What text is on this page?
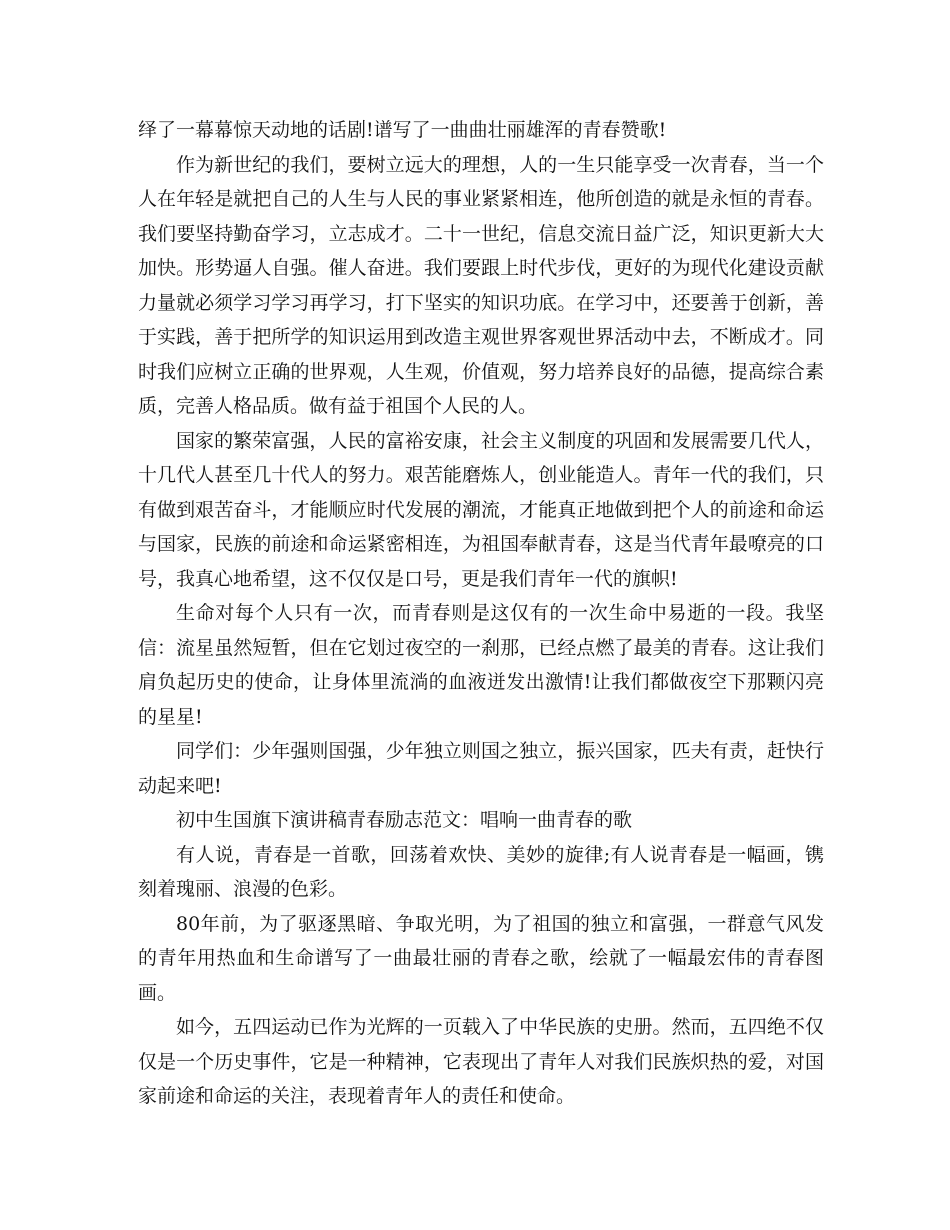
绎了一幕幕惊天动地的话剧!谱写了一曲曲壮丽雄浑的青春赞歌!

作为新世纪的我们，要树立远大的理想，人的一生只能享受一次青春，当一个人在年轻是就把自己的人生与人民的事业紧紧相连，他所创造的就是永恒的青春。我们要坚持勤奋学习，立志成才。二十一世纪，信息交流日益广泛，知识更新大大加快。形势逼人自强。催人奋进。我们要跟上时代步伐，更好的为现代化建设贡献力量就必须学习学习再学习，打下坚实的知识功底。在学习中，还要善于创新，善于实践，善于把所学的知识运用到改造主观世界客观世界活动中去，不断成才。同时我们应树立正确的世界观，人生观，价值观，努力培养良好的品德，提高综合素质，完善人格品质。做有益于祖国个人民的人。

国家的繁荣富强，人民的富裕安康，社会主义制度的巩固和发展需要几代人，十几代人甚至几十代人的努力。艰苦能磨炼人，创业能造人。青年一代的我们，只有做到艰苦奋斗，才能顺应时代发展的潮流，才能真正地做到把个人的前途和命运与国家，民族的前途和命运紧密相连，为祖国奉献青春，这是当代青年最嘹亮的口号，我真心地希望，这不仅仅是口号，更是我们青年一代的旗帜!

生命对每个人只有一次，而青春则是这仅有的一次生命中易逝的一段。我坚信：流星虽然短暂，但在它划过夜空的一刹那，已经点燃了最美的青春。这让我们肩负起历史的使命，让身体里流淌的血液迸发出激情!让我们都做夜空下那颗闪亮的星星!

同学们：少年强则国强，少年独立则国之独立，振兴国家，匹夫有责，赶快行动起来吧!

初中生国旗下演讲稿青春励志范文：唱响一曲青春的歌

有人说，青春是一首歌，回荡着欢快、美妙的旋律;有人说青春是一幅画，镌刻着瑰丽、浪漫的色彩。

80年前，为了驱逐黑暗、争取光明，为了祖国的独立和富强，一群意气风发的青年用热血和生命谱写了一曲最壮丽的青春之歌，绘就了一幅最宏伟的青春图画。

如今，五四运动已作为光辉的一页载入了中华民族的史册。然而，五四绝不仅仅是一个历史事件，它是一种精神，它表现出了青年人对我们民族炽热的爱，对国家前途和命运的关注，表现着青年人的责任和使命。
